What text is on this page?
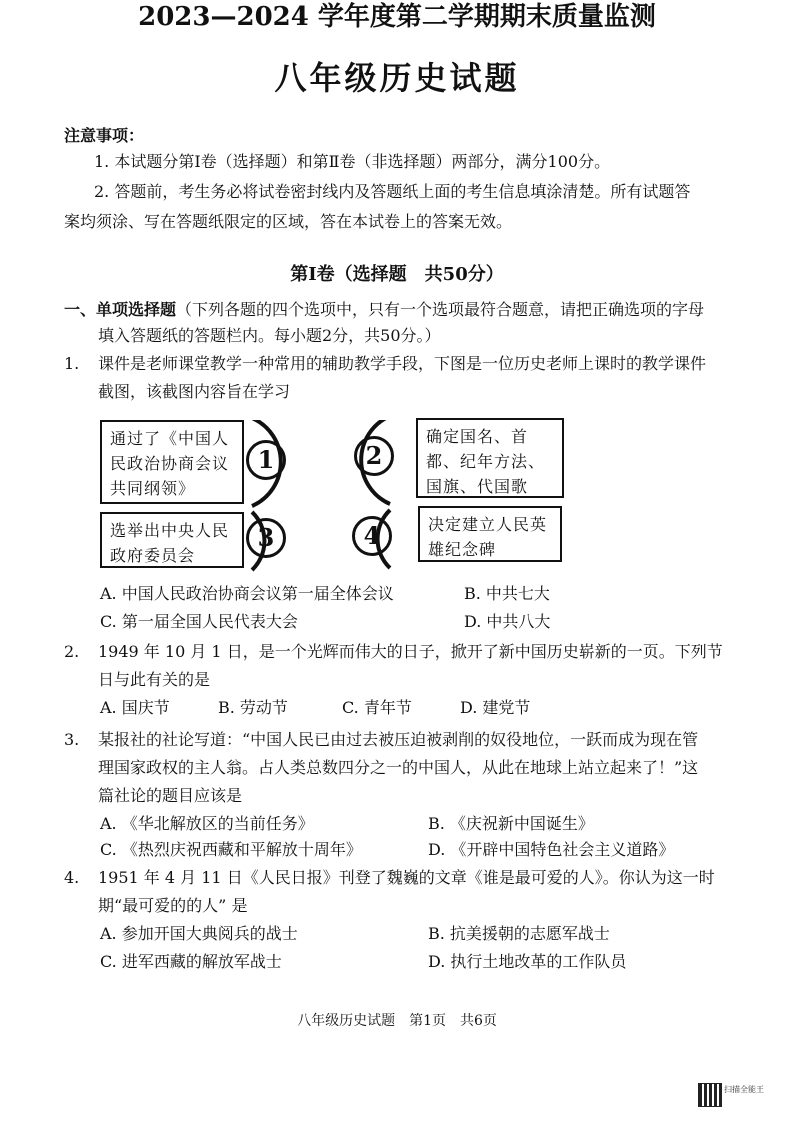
2023—2024 学年度第二学期期末质量监测
八年级历史试题
注意事项：
1. 本试题分第Ⅰ卷（选择题）和第Ⅱ卷（非选择题）两部分，满分100分。
2. 答题前，考生务必将试卷密封线内及答题纸上面的考生信息填涂清楚。所有试题答
案均须涂、写在答题纸限定的区域，答在本试卷上的答案无效。
第Ⅰ卷（选择题　共50分）
一、单项选择题（下列各题的四个选项中，只有一个选项最符合题意，请把正确选项的字母
填入答题纸的答题栏内。每小题2分，共50分。）
1. 课件是老师课堂教学一种常用的辅助教学手段，下图是一位历史老师上课时的教学课件
截图，该截图内容旨在学习
通过了《中国人民政治协商会议共同纲领》
确定国名、首都、纪年方法、国旗、代国歌
选举出中央人民政府委员会
决定建立人民英雄纪念碑
1	2
3	4
A. 中国人民政治协商会议第一届全体会议	B. 中共七大
C. 第一届全国人民代表大会	D. 中共八大
2. 1949 年 10 月 1 日，是一个光辉而伟大的日子，掀开了新中国历史崭新的一页。下列节
日与此有关的是
A. 国庆节	B. 劳动节	C. 青年节	D. 建党节
3. 某报社的社论写道：“中国人民已由过去被压迫被剥削的奴役地位，一跃而成为现在管
理国家政权的主人翁。占人类总数四分之一的中国人，从此在地球上站立起来了！”这
篇社论的题目应该是
A. 《华北解放区的当前任务》	B. 《庆祝新中国诞生》
C. 《热烈庆祝西藏和平解放十周年》	D. 《开辟中国特色社会主义道路》
4. 1951 年 4 月 11 日《人民日报》刊登了魏巍的文章《谁是最可爱的人》。你认为这一时
期“最可爱的的人” 是
A. 参加开国大典阅兵的战士	B. 抗美援朝的志愿军战士
C. 进军西藏的解放军战士	D. 执行土地改革的工作队员
八年级历史试题　第1页　共6页
扫描全能王
